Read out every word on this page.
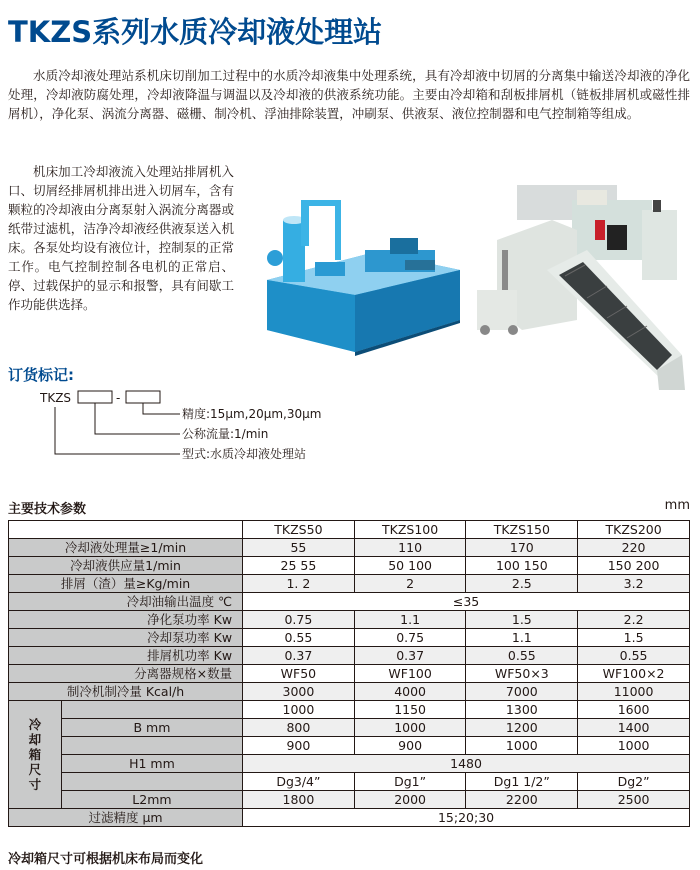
TKZS系列水质冷却液处理站
水质冷却液处理站系机床切削加工过程中的水质冷却液集中处理系统，具有冷却液中切屑的分离集中输送冷却液的净化处理，冷却液防腐处理，冷却液降温与调温以及冷却液的供液系统功能。主要由冷却箱和刮板排屑机（链板排屑机或磁性排屑机），净化泵、涡流分离器、磁栅、制冷机、浮油排除装置，冲刷泵、供液泵、液位控制器和电气控制箱等组成。
机床加工冷却液流入处理站排屑机入口、切屑经排屑机排出进入切屑车，含有颗粒的冷却液由分离泵射入涡流分离器或纸带过滤机，洁净冷却液经供液泵送入机床。各泵处均设有液位计，控制泵的正常工作。电气控制控制各电机的正常启、停、过载保护的显示和报警，具有间歇工作功能供选择。
订货标记:
TKZS	-
精度:15μm,20μm,30μm
公称流量:1/min
型式:水质冷却液处理站
主要技术参数	mm
		TKZS50	TKZS100	TKZS150	TKZS200
冷却液处理量≥1/min		55	110	170	220
冷却液供应量1/min		25 55	50 100	100 150	150 200
排屑（渣）量≥Kg/min		1. 2	2	2.5	3.2
冷却油输出温度 ℃		≤35			
净化泵功率 Kw		0.75	1.1	1.5	2.2
冷却泵功率 Kw		0.55	0.75	1.1	1.5
排屑机功率 Kw		0.37	0.37	0.55	0.55
分离器规格×数量		WF50	WF100	WF50×3	WF100×2
制冷机制冷量 Kcal/h		3000	4000	7000	11000
冷却箱尺寸		1000	1150	1300	1600
	B mm	800	1000	1200	1400
		900	900	1000	1000
	H1 mm	1480			
		Dg3/4”	Dg1”	Dg1 1/2”	Dg2”
	L2mm	1800	2000	2200	2500
过滤精度 μm		15;20;30			
冷却箱尺寸可根据机床布局而变化
